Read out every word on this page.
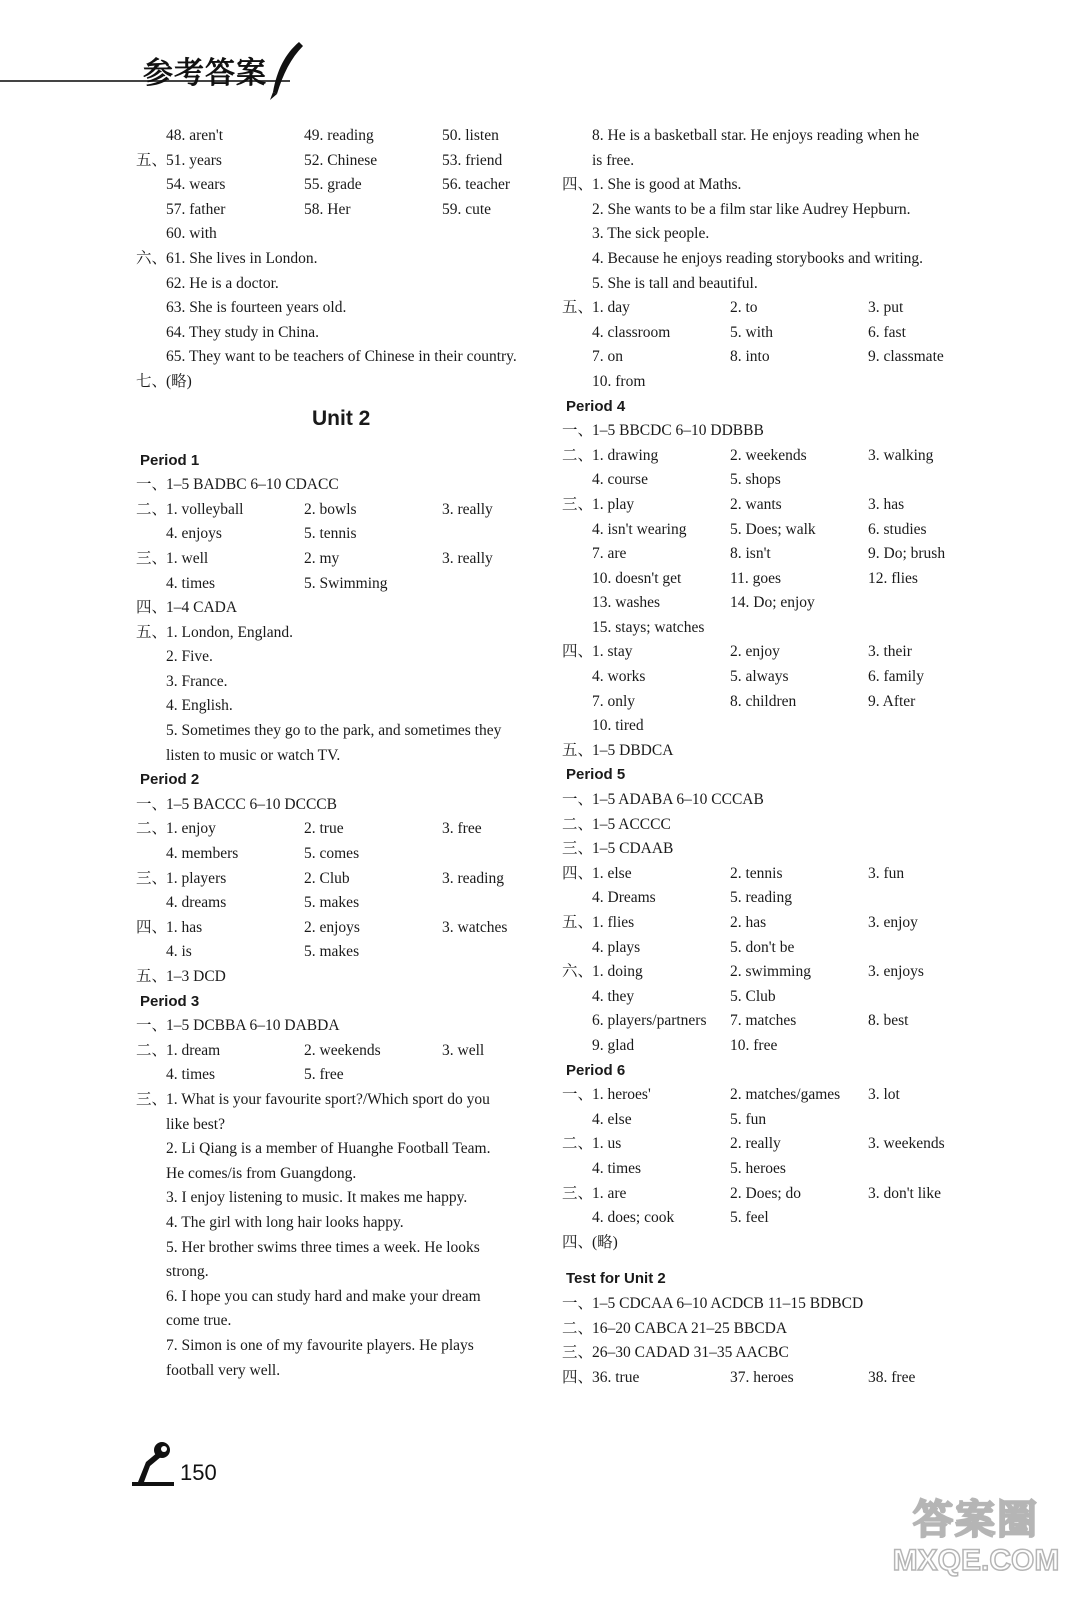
参考答案
48. aren't	49. reading	50. listen
五、
51. years	52. Chinese	53. friend
54. wears	55. grade	56. teacher
57. father	58. Her	59. cute
60. with
六、
61. She lives in London.
62. He is a doctor.
63. She is fourteen years old.
64. They study in China.
65. They want to be teachers of Chinese in their country.
七、
(略)
Unit 2
Period 1
一、
1–5 BADBC 6–10 CDACC
二、
1. volleyball	2. bowls	3. really
4. enjoys	5. tennis
三、
1. well	2. my	3. really
4. times	5. Swimming
四、
1–4 CADA
五、
1. London, England.
2. Five.
3. France.
4. English.
5. Sometimes they go to the park, and sometimes they
listen to music or watch TV.
Period 2
一、
1–5 BACCC 6–10 DCCCB
二、
1. enjoy	2. true	3. free
4. members	5. comes
三、
1. players	2. Club	3. reading
4. dreams	5. makes
四、
1. has	2. enjoys	3. watches
4. is	5. makes
五、
1–3 DCD
Period 3
一、
1–5 DCBBA 6–10 DABDA
二、
1. dream	2. weekends	3. well
4. times	5. free
三、
1. What is your favourite sport?/Which sport do you
like best?
2. Li Qiang is a member of Huanghe Football Team.
He comes/is from Guangdong.
3. I enjoy listening to music. It makes me happy.
4. The girl with long hair looks happy.
5. Her brother swims three times a week. He looks
strong.
6. I hope you can study hard and make your dream
come true.
7. Simon is one of my favourite players. He plays
football very well.
8. He is a basketball star. He enjoys reading when he
is free.
四、
1. She is good at Maths.
2. She wants to be a film star like Audrey Hepburn.
3. The sick people.
4. Because he enjoys reading storybooks and writing.
5. She is tall and beautiful.
五、
1. day	2. to	3. put
4. classroom	5. with	6. fast
7. on	8. into	9. classmate
10. from
Period 4
一、
1–5 BBCDC 6–10 DDBBB
二、
1. drawing	2. weekends	3. walking
4. course	5. shops
三、
1. play	2. wants	3. has
4. isn't wearing	5. Does; walk	6. studies
7. are	8. isn't	9. Do; brush
10. doesn't get	11. goes	12. flies
13. washes	14. Do; enjoy
15. stays; watches
四、
1. stay	2. enjoy	3. their
4. works	5. always	6. family
7. only	8. children	9. After
10. tired
五、
1–5 DBDCA
Period 5
一、
1–5 ADABA 6–10 CCCAB
二、
1–5 ACCCC
三、
1–5 CDAAB
四、
1. else	2. tennis	3. fun
4. Dreams	5. reading
五、
1. flies	2. has	3. enjoy
4. plays	5. don't be
六、
1. doing	2. swimming	3. enjoys
4. they	5. Club
6. players/partners 7. matches	8. best
9. glad	10. free
Period 6
一、
1. heroes'	2. matches/games 3. lot
4. else	5. fun
二、
1. us	2. really	3. weekends
4. times	5. heroes
三、
1. are	2. Does; do	3. don't like
4. does; cook	5. feel
四、
(略)
Test for Unit 2
一、
1–5 CDCAA 6–10 ACDCB 11–15 BDBCD
二、
16–20 CABCA 21–25 BBCDA
三、
26–30 CADAD 31–35 AACBC
四、
36. true	37. heroes	38. free
150
答案圈
MXQE.COM
